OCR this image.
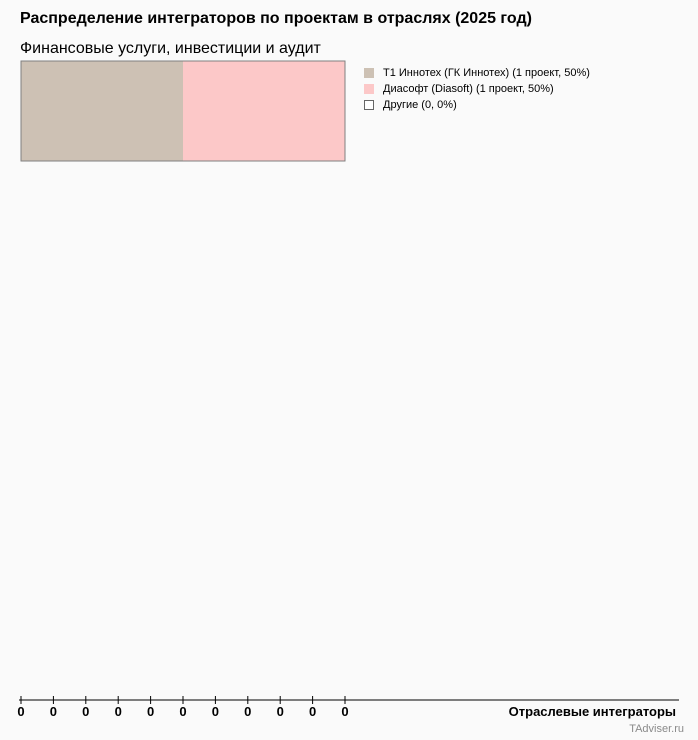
Распределение интеграторов по проектам в отраслях (2025 год)
Финансовые услуги, инвестиции и аудит
0 0 0 0 0 0 0 0 0 0 0
Т1 Иннотех (ГК Иннотех) (1 проект, 50%)
Диасофт (Diasoft) (1 проект, 50%)
Другие (0, 0%)
Отраслевые интеграторы
TAdviser.ru
